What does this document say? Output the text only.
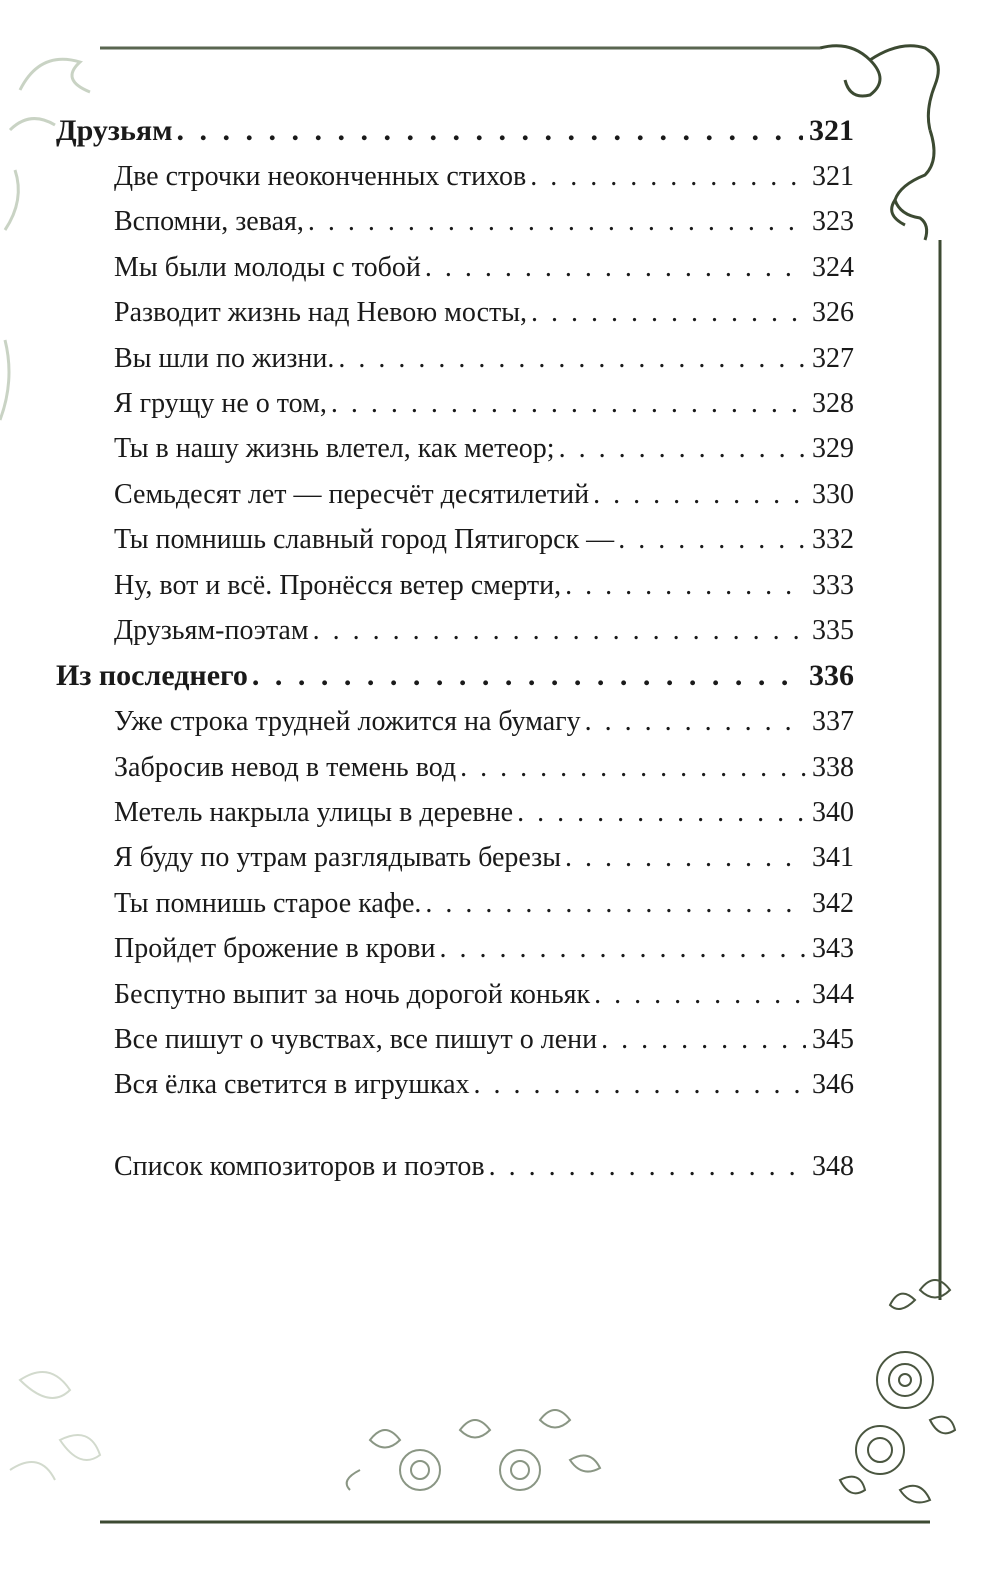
Друзьям . . .	321
Две строчки неоконченных стихов . . .	321
Вспомни, зевая, . . .	323
Мы были молоды с тобой . . .	324
Разводит жизнь над Невою мосты, . . .	326
Вы шли по жизни. . . .	327
Я грущу не о том, . . .	328
Ты в нашу жизнь влетел, как метеор; . . .	329
Семьдесят лет — пересчёт десятилетий . . .	330
Ты помнишь славный город Пятигорск — . . .	332
Ну, вот и всё. Пронёсся ветер смерти, . . .	333
Друзьям-поэтам . . .	335
Из последнего . . .	336
Уже строка трудней ложится на бумагу . . .	337
Забросив невод в темень вод . . .	338
Метель накрыла улицы в деревне . . .	340
Я буду по утрам разглядывать березы . . .	341
Ты помнишь старое кафе. . . .	342
Пройдет брожение в крови . . .	343
Беспутно выпит за ночь дорогой коньяк . . .	344
Все пишут о чувствах, все пишут о лени . . .	345
Вся ёлка светится в игрушках . . .	346
Список композиторов и поэтов . . .	348
